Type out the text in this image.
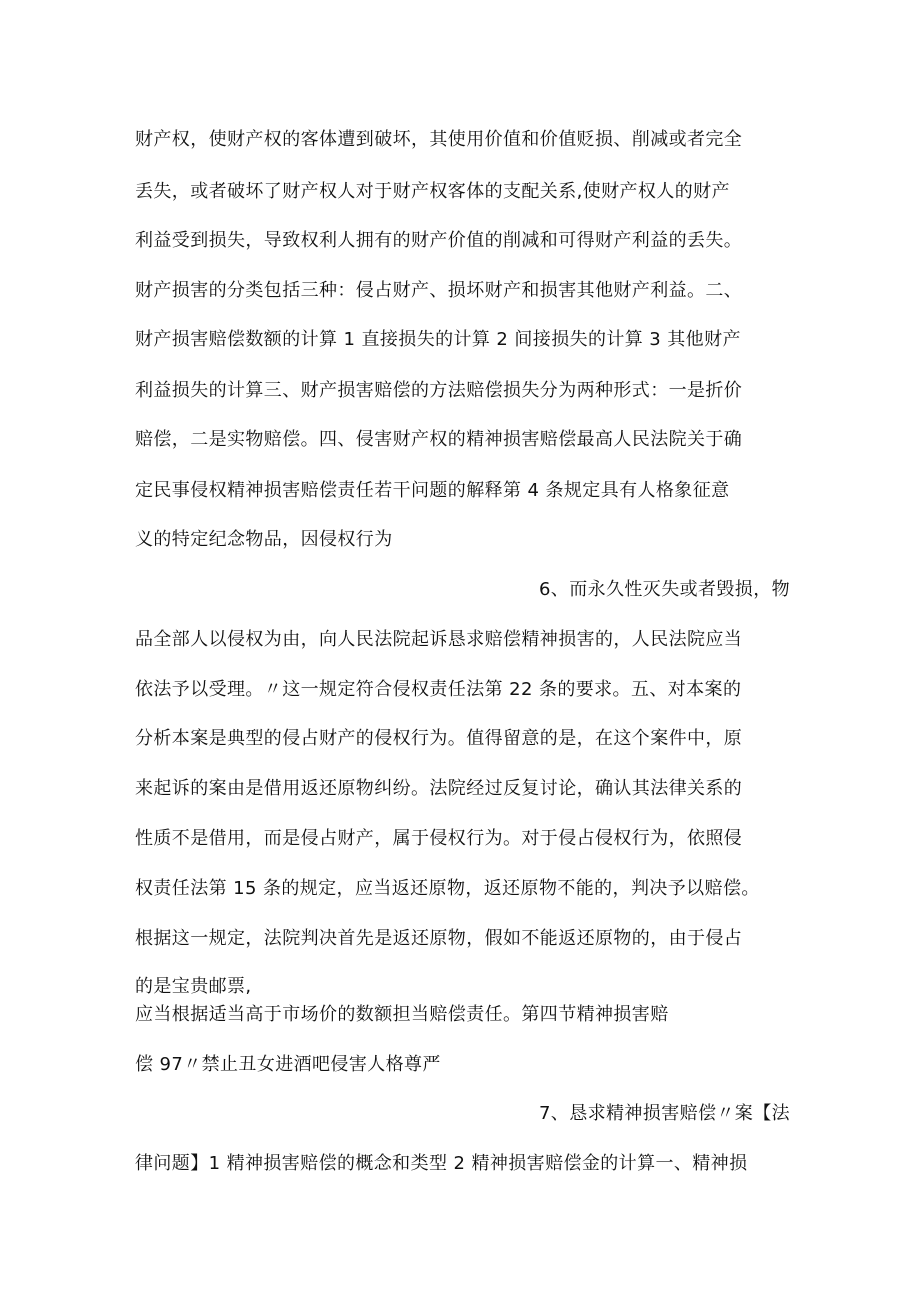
财产权，使财产权的客体遭到破坏，其使用价值和价值贬损、削减或者完全
丢失，或者破坏了财产权人对于财产权客体的支配关系,使财产权人的财产
利益受到损失，导致权利人拥有的财产价值的削减和可得财产利益的丢失。
财产损害的分类包括三种：侵占财产、损坏财产和损害其他财产利益。二、
财产损害赔偿数额的计算 1 直接损失的计算 2 间接损失的计算 3 其他财产
利益损失的计算三、财产损害赔偿的方法赔偿损失分为两种形式：一是折价
赔偿，二是实物赔偿。四、侵害财产权的精神损害赔偿最高人民法院关于确
定民事侵权精神损害赔偿责任若干问题的解释第 4 条规定具有人格象征意
义的特定纪念物品，因侵权行为
6、而永久性灭失或者毁损，物
品全部人以侵权为由，向人民法院起诉恳求赔偿精神损害的，人民法院应当
依法予以受理。〃这一规定符合侵权责任法第 22 条的要求。五、对本案的
分析本案是典型的侵占财产的侵权行为。值得留意的是，在这个案件中，原
来起诉的案由是借用返还原物纠纷。法院经过反复讨论，确认其法律关系的
性质不是借用，而是侵占财产，属于侵权行为。对于侵占侵权行为，依照侵
权责任法第 15 条的规定，应当返还原物，返还原物不能的，判决予以赔偿。
根据这一规定，法院判决首先是返还原物，假如不能返还原物的，由于侵占
的是宝贵邮票,
应当根据适当高于市场价的数额担当赔偿责任。第四节精神损害赔
偿 97〃禁止丑女进酒吧侵害人格尊严
7、恳求精神损害赔偿〃案【法
律问题】1 精神损害赔偿的概念和类型 2 精神损害赔偿金的计算一、精神损
